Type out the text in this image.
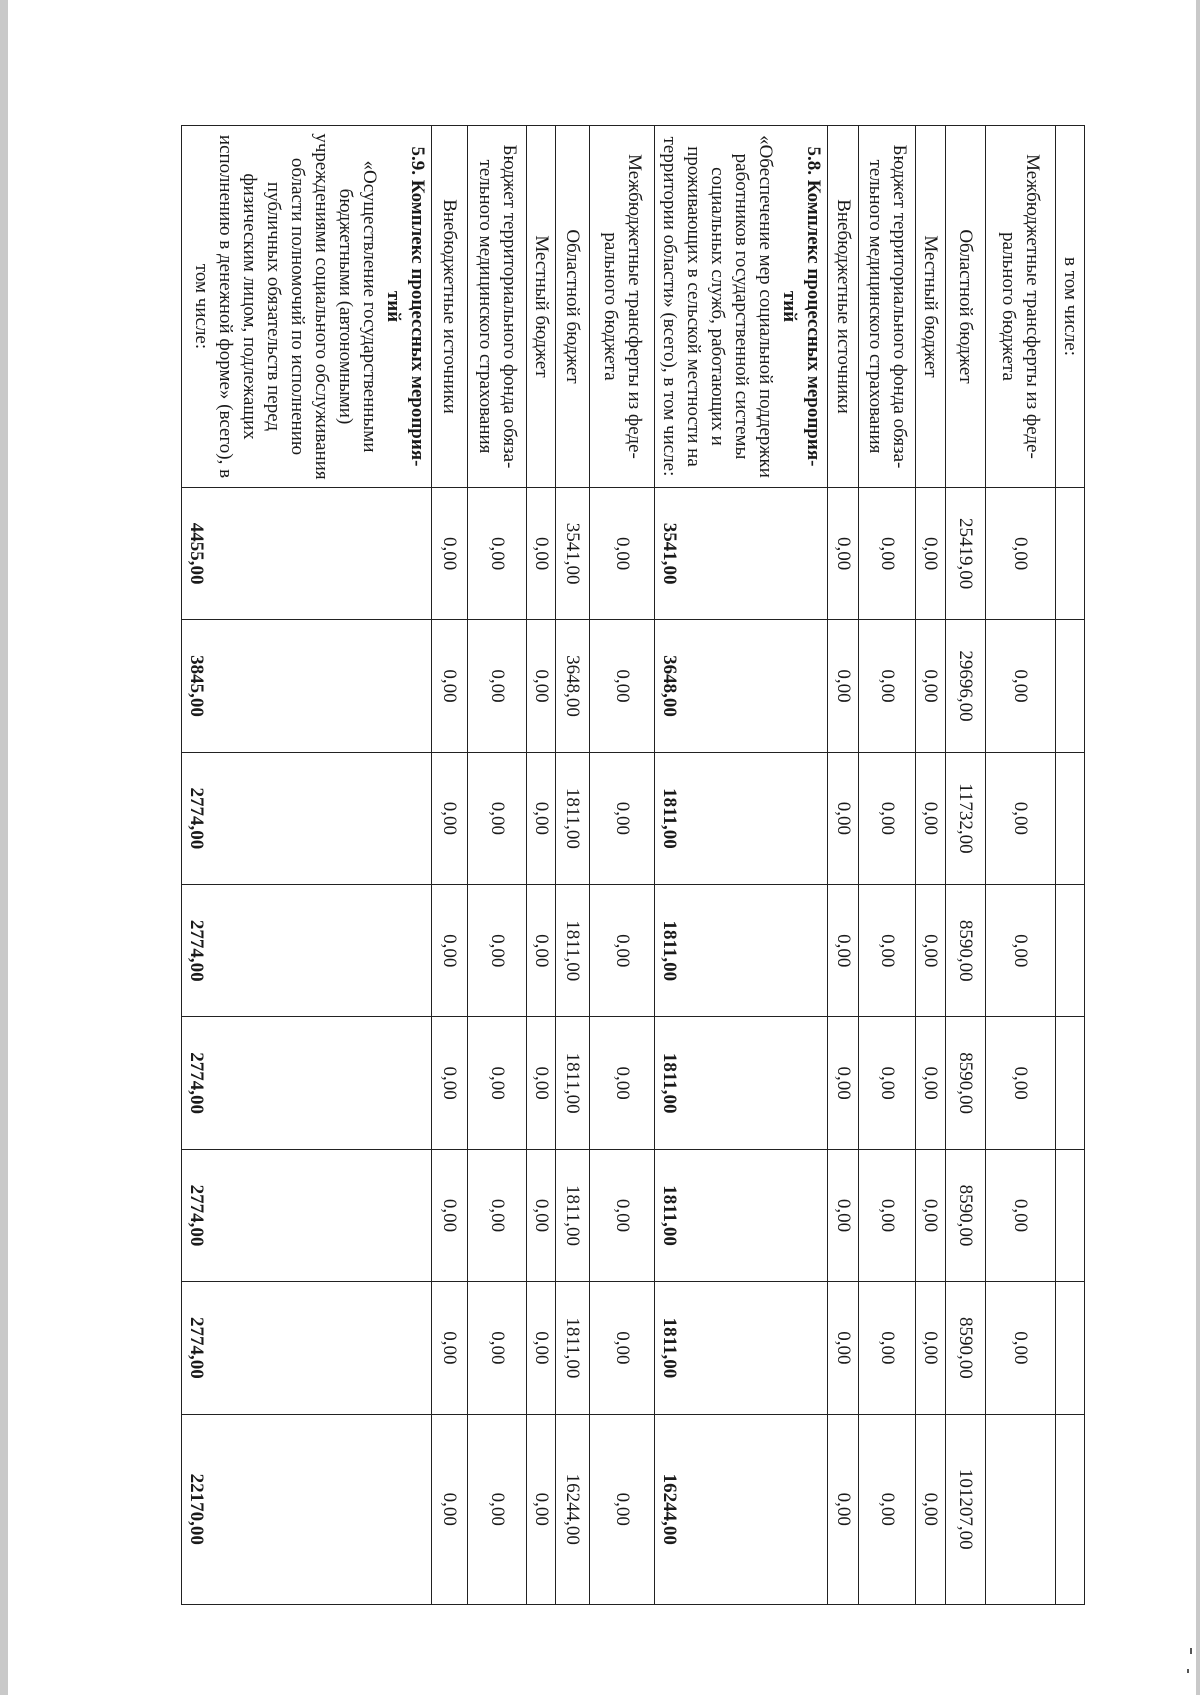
в том числе:								
Межбюджетные трансферты из феде-ральногo бюджета	0,00	0,00	0,00	0,00	0,00	0,00	0,00	
Областной бюджет	25419,00	29696,00	11732,00	8590,00	8590,00	8590,00	8590,00	101207,00
Местный бюджет	0,00	0,00	0,00	0,00	0,00	0,00	0,00	0,00
Бюджет территориального фонда обяза-тельного медицинского страхования	0,00	0,00	0,00	0,00	0,00	0,00	0,00	0,00
Внебюджетные источники	0,00	0,00	0,00	0,00	0,00	0,00	0,00	0,00

5.8. Комплекс процессных мероприя-тий
«Обеспечение мер социальной поддержки работников государственной системы социальных служб, работающих и проживающих в сельской местности на территории области» (всего), в том числе:	3541,00	3648,00	1811,00	1811,00	1811,00	1811,00	1811,00	16244,00
Межбюджетные трансферты из феде-рального бюджета	0,00	0,00	0,00	0,00	0,00	0,00	0,00	0,00
Областной бюджет	3541,00	3648,00	1811,00	1811,00	1811,00	1811,00	1811,00	16244,00
Местный бюджет	0,00	0,00	0,00	0,00	0,00	0,00	0,00	0,00
Бюджет территориального фонда обяза-тельного медицинского страхования	0,00	0,00	0,00	0,00	0,00	0,00	0,00	0,00
Внебюджетные источники	0,00	0,00	0,00	0,00	0,00	0,00	0,00	0,00

5.9. Комплекс процессных мероприя-тий
«Осуществление государственными бюджетными (автономными) учреждениями социального обслуживания области полномочий по исполнению публичных обязательств перед физическим лицом, подлежащих исполнению в денежной форме» (всего), в том числе:	4455,00	3845,00	2774,00	2774,00	2774,00	2774,00	2774,00	22170,00
